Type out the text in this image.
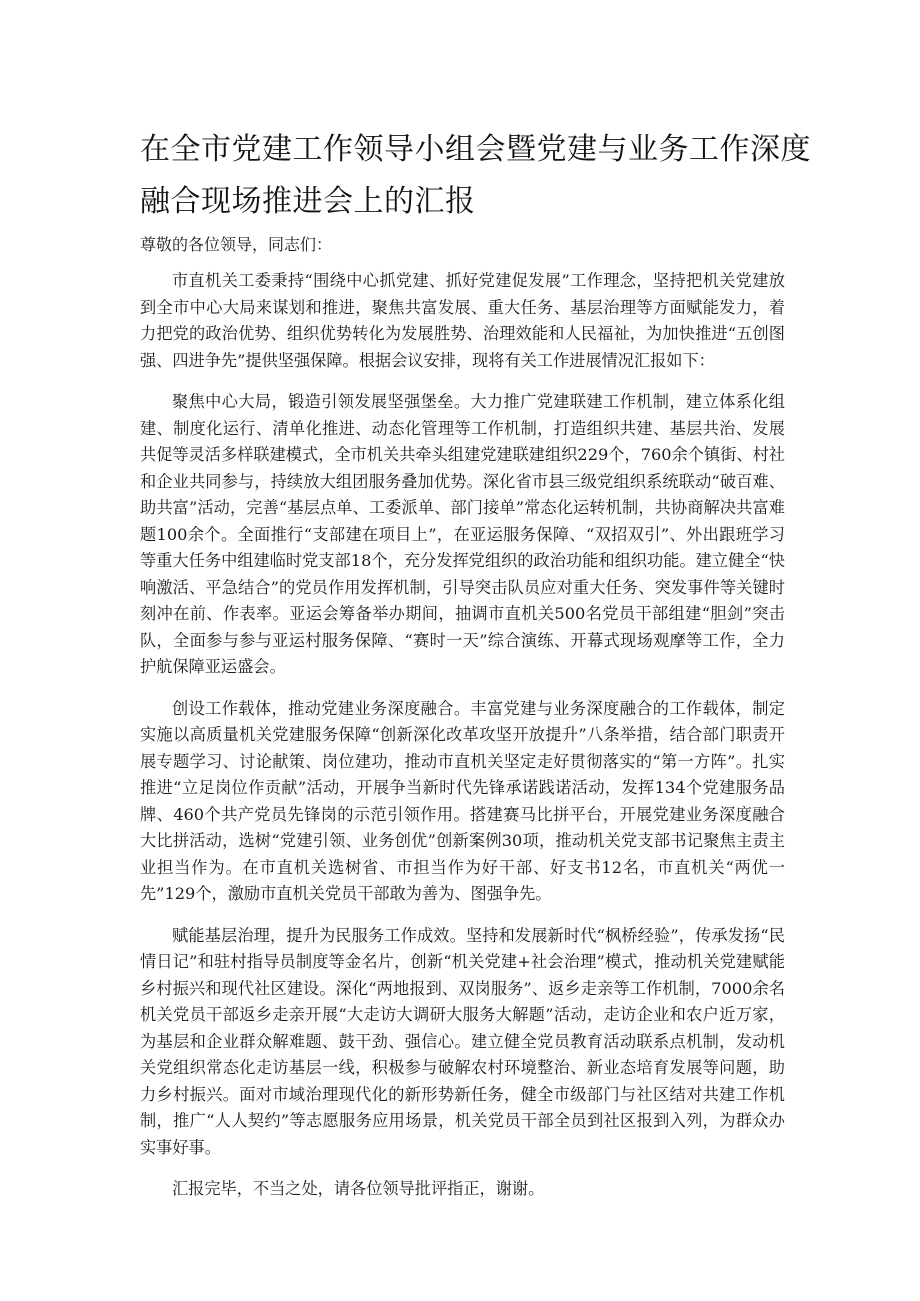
在全市党建工作领导小组会暨党建与业务工作深度
融合现场推进会上的汇报

尊敬的各位领导，同志们：

市直机关工委秉持“围绕中心抓党建、抓好党建促发展”工作理念，坚持把机关党建放到全市中心大局来谋划和推进，聚焦共富发展、重大任务、基层治理等方面赋能发力，着力把党的政治优势、组织优势转化为发展胜势、治理效能和人民福祉，为加快推进“五创图强、四进争先”提供坚强保障。根据会议安排，现将有关工作进展情况汇报如下：

聚焦中心大局，锻造引领发展坚强堡垒。大力推广党建联建工作机制，建立体系化组建、制度化运行、清单化推进、动态化管理等工作机制，打造组织共建、基层共治、发展共促等灵活多样联建模式，全市机关共牵头组建党建联建组织229个，760余个镇街、村社和企业共同参与，持续放大组团服务叠加优势。深化省市县三级党组织系统联动“破百难、助共富”活动，完善“基层点单、工委派单、部门接单”常态化运转机制，共协商解决共富难题100余个。全面推行“支部建在项目上”，在亚运服务保障、“双招双引”、外出跟班学习等重大任务中组建临时党支部18个，充分发挥党组织的政治功能和组织功能。建立健全“快响激活、平急结合”的党员作用发挥机制，引导突击队员应对重大任务、突发事件等关键时刻冲在前、作表率。亚运会筹备举办期间，抽调市直机关500名党员干部组建“胆剑”突击队，全面参与参与亚运村服务保障、“赛时一天”综合演练、开幕式现场观摩等工作，全力护航保障亚运盛会。

创设工作载体，推动党建业务深度融合。丰富党建与业务深度融合的工作载体，制定实施以高质量机关党建服务保障“创新深化改革攻坚开放提升”八条举措，结合部门职责开展专题学习、讨论献策、岗位建功，推动市直机关坚定走好贯彻落实的“第一方阵”。扎实推进“立足岗位作贡献”活动，开展争当新时代先锋承诺践诺活动，发挥134个党建服务品牌、460个共产党员先锋岗的示范引领作用。搭建赛马比拼平台，开展党建业务深度融合大比拼活动，选树“党建引领、业务创优”创新案例30项，推动机关党支部书记聚焦主责主业担当作为。在市直机关选树省、市担当作为好干部、好支书12名，市直机关“两优一先”129个，激励市直机关党员干部敢为善为、图强争先。

赋能基层治理，提升为民服务工作成效。坚持和发展新时代“枫桥经验”，传承发扬“民情日记”和驻村指导员制度等金名片，创新“机关党建+社会治理”模式，推动机关党建赋能乡村振兴和现代社区建设。深化“两地报到、双岗服务”、返乡走亲等工作机制，7000余名机关党员干部返乡走亲开展“大走访大调研大服务大解题”活动，走访企业和农户近万家，为基层和企业群众解难题、鼓干劲、强信心。建立健全党员教育活动联系点机制，发动机关党组织常态化走访基层一线，积极参与破解农村环境整治、新业态培育发展等问题，助力乡村振兴。面对市域治理现代化的新形势新任务，健全市级部门与社区结对共建工作机制，推广“人人契约”等志愿服务应用场景，机关党员干部全员到社区报到入列，为群众办实事好事。

汇报完毕，不当之处，请各位领导批评指正，谢谢。
